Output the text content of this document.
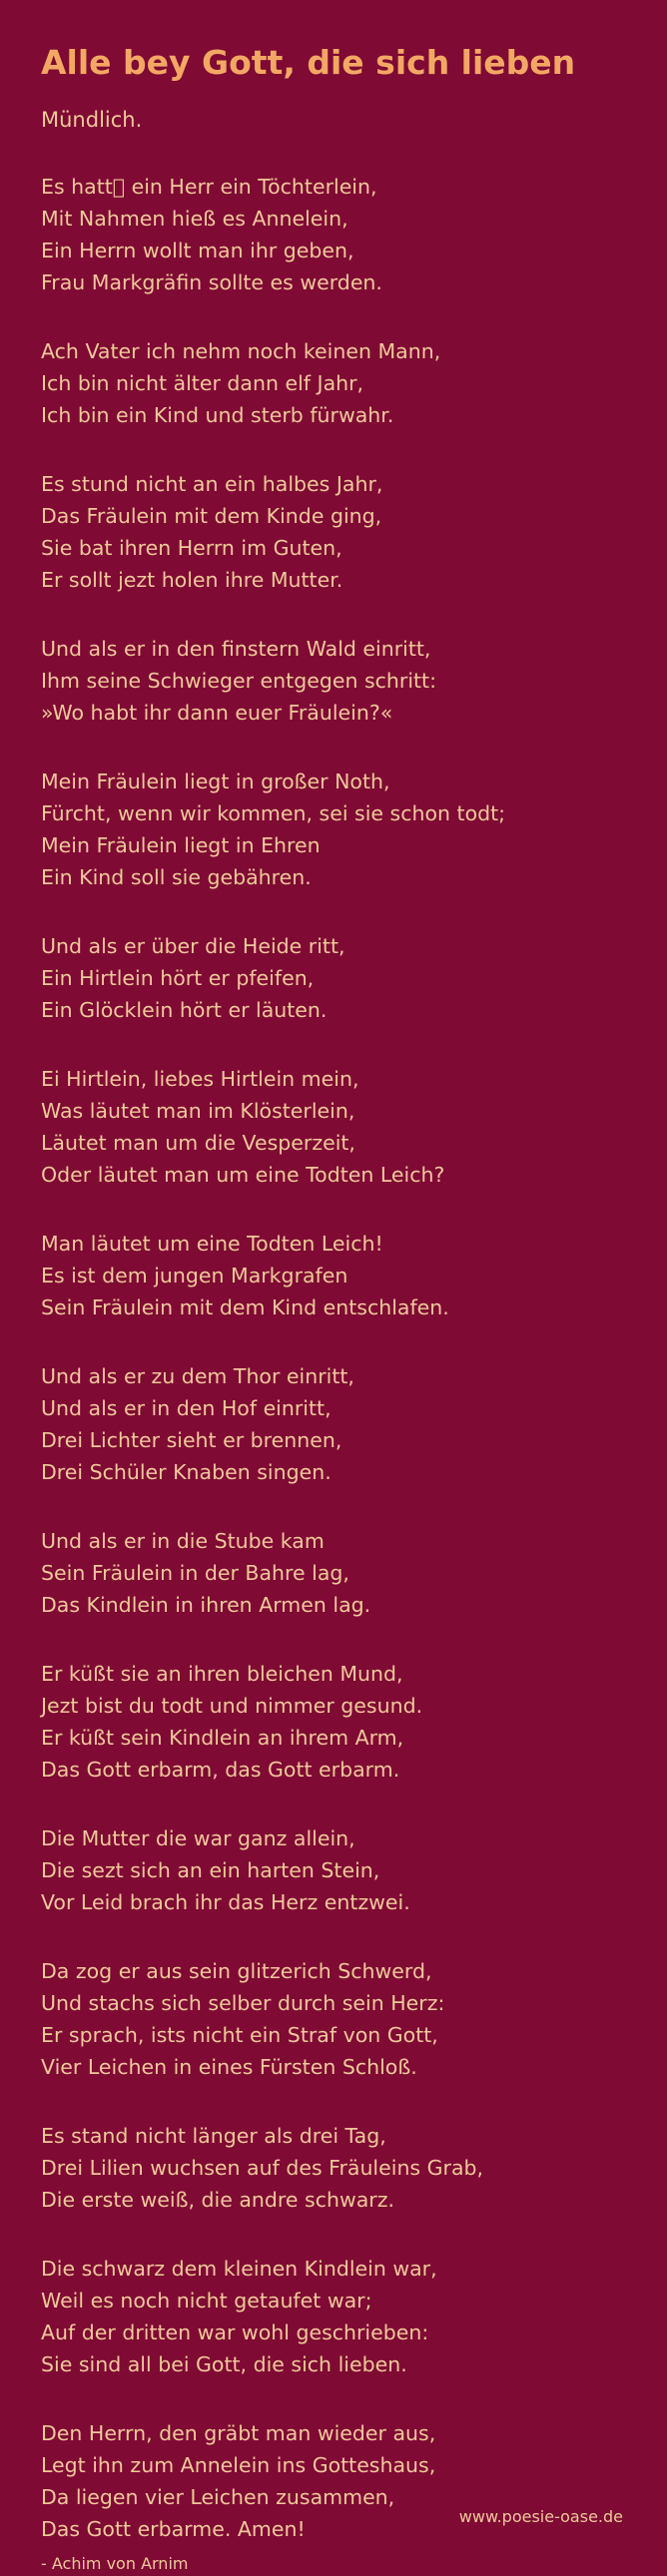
Alle bey Gott, die sich lieben

Mündlich.

Es hatt  ein Herr ein Töchterlein,
Mit Nahmen hieß es Annelein,
Ein Herrn wollt man ihr geben,
Frau Markgräfin sollte es werden.
Ach Vater ich nehm noch keinen Mann,
Ich bin nicht älter dann elf Jahr,
Ich bin ein Kind und sterb fürwahr.
Es stund nicht an ein halbes Jahr,
Das Fräulein mit dem Kinde ging,
Sie bat ihren Herrn im Guten,
Er sollt jezt holen ihre Mutter.
Und als er in den finstern Wald einritt,
Ihm seine Schwieger entgegen schritt:
»Wo habt ihr dann euer Fräulein?«
Mein Fräulein liegt in großer Noth,
Fürcht, wenn wir kommen, sei sie schon todt;
Mein Fräulein liegt in Ehren
Ein Kind soll sie gebähren.
Und als er über die Heide ritt,
Ein Hirtlein hört er pfeifen,
Ein Glöcklein hört er läuten.
Ei Hirtlein, liebes Hirtlein mein,
Was läutet man im Klösterlein,
Läutet man um die Vesperzeit,
Oder läutet man um eine Todten Leich?
Man läutet um eine Todten Leich!
Es ist dem jungen Markgrafen
Sein Fräulein mit dem Kind entschlafen.
Und als er zu dem Thor einritt,
Und als er in den Hof einritt,
Drei Lichter sieht er brennen,
Drei Schüler Knaben singen.
Und als er in die Stube kam
Sein Fräulein in der Bahre lag,
Das Kindlein in ihren Armen lag.
Er küßt sie an ihren bleichen Mund,
Jezt bist du todt und nimmer gesund.
Er küßt sein Kindlein an ihrem Arm,
Das Gott erbarm, das Gott erbarm.
Die Mutter die war ganz allein,
Die sezt sich an ein harten Stein,
Vor Leid brach ihr das Herz entzwei.
Da zog er aus sein glitzerich Schwerd,
Und stachs sich selber durch sein Herz:
Er sprach, ists nicht ein Straf von Gott,
Vier Leichen in eines Fürsten Schloß.
Es stand nicht länger als drei Tag,
Drei Lilien wuchsen auf des Fräuleins Grab,
Die erste weiß, die andre schwarz.
Die schwarz dem kleinen Kindlein war,
Weil es noch nicht getaufet war;
Auf der dritten war wohl geschrieben:
Sie sind all bei Gott, die sich lieben.
Den Herrn, den gräbt man wieder aus,
Legt ihn zum Annelein ins Gotteshaus,
Da liegen vier Leichen zusammen,
Das Gott erbarme. Amen!
- Achim von Arnim
www.poesie-oase.de
